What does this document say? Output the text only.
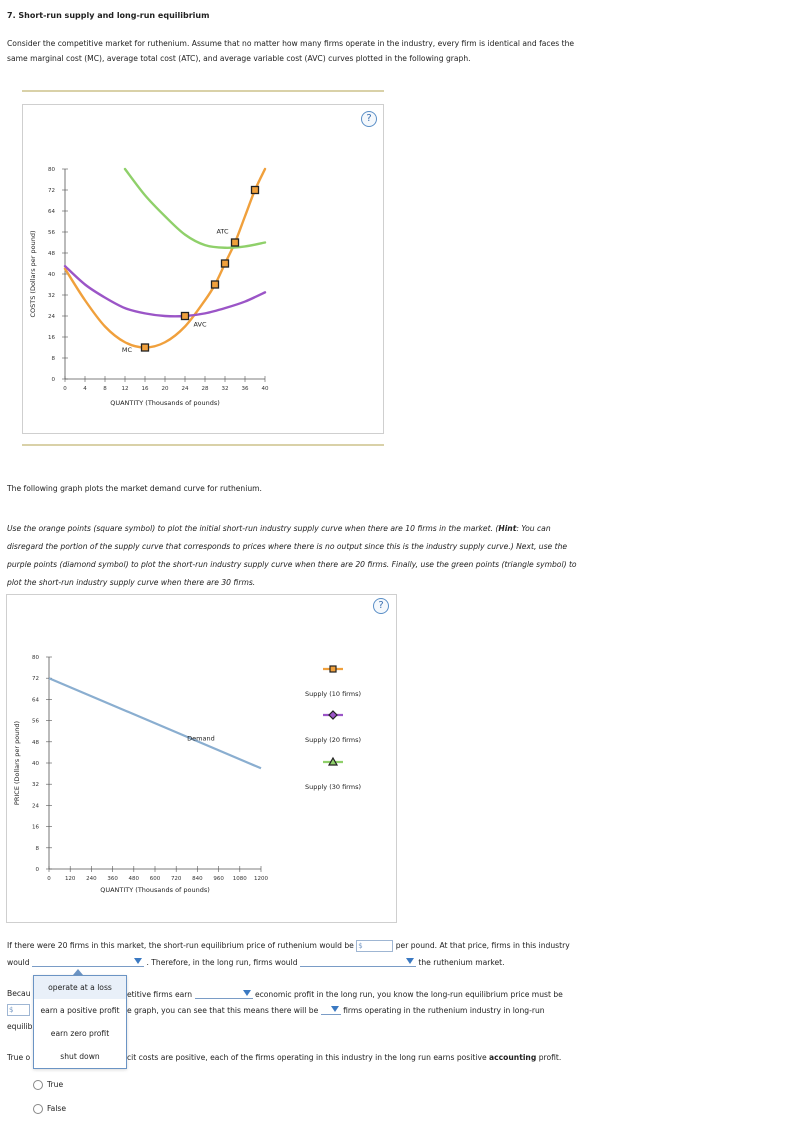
7. Short-run supply and long-run equilibrium
Consider the competitive market for ruthenium. Assume that no matter how many firms operate in the industry, every firm is identical and faces the
same marginal cost (MC), average total cost (ATC), and average variable cost (AVC) curves plotted in the following graph.
?
0
8
16
24
32
40
48
56
64
72
80
0	4	8	12 16 20 24 28 32 36 40
QUANTITY (Thousands of pounds)
COSTS (Dollars per pound)
MC
ATC
AVC
The following graph plots the market demand curve for ruthenium.
Use the orange points (square symbol) to plot the initial short-run industry supply curve when there are 10 firms in the market. (Hint: You can
disregard the portion of the supply curve that corresponds to prices where there is no output since this is the industry supply curve.) Next, use the
purple points (diamond symbol) to plot the short-run industry supply curve when there are 20 firms. Finally, use the green points (triangle symbol) to
plot the short-run industry supply curve when there are 30 firms.
?
0
8
16
24
32
40
48
56
64
72
80
0	120 240 360 480 600 720 840 960 1080 1200
QUANTITY (Thousands of pounds)
PRICE (Dollars per pound)	Demand
Supply (10 firms)
Supply (20 firms)
Supply (30 firms)
If there were 20 firms in this market, the short-run equilibrium price of ruthenium would be $	per pound. At that price, firms in this industry
would	. Therefore, in the long run, firms would	the ruthenium market.
Becau	etitive firms earn	economic profit in the long run, you know the long-run equilibrium price must be
$	e graph, you can see that this means there will be	firms operating in the ruthenium industry in long-run
equilib
True o	cit costs are positive, each of the firms operating in this industry in the long run earns positive accounting profit.
True
False
operate at a loss
earn a positive profit
earn zero profit
shut down
